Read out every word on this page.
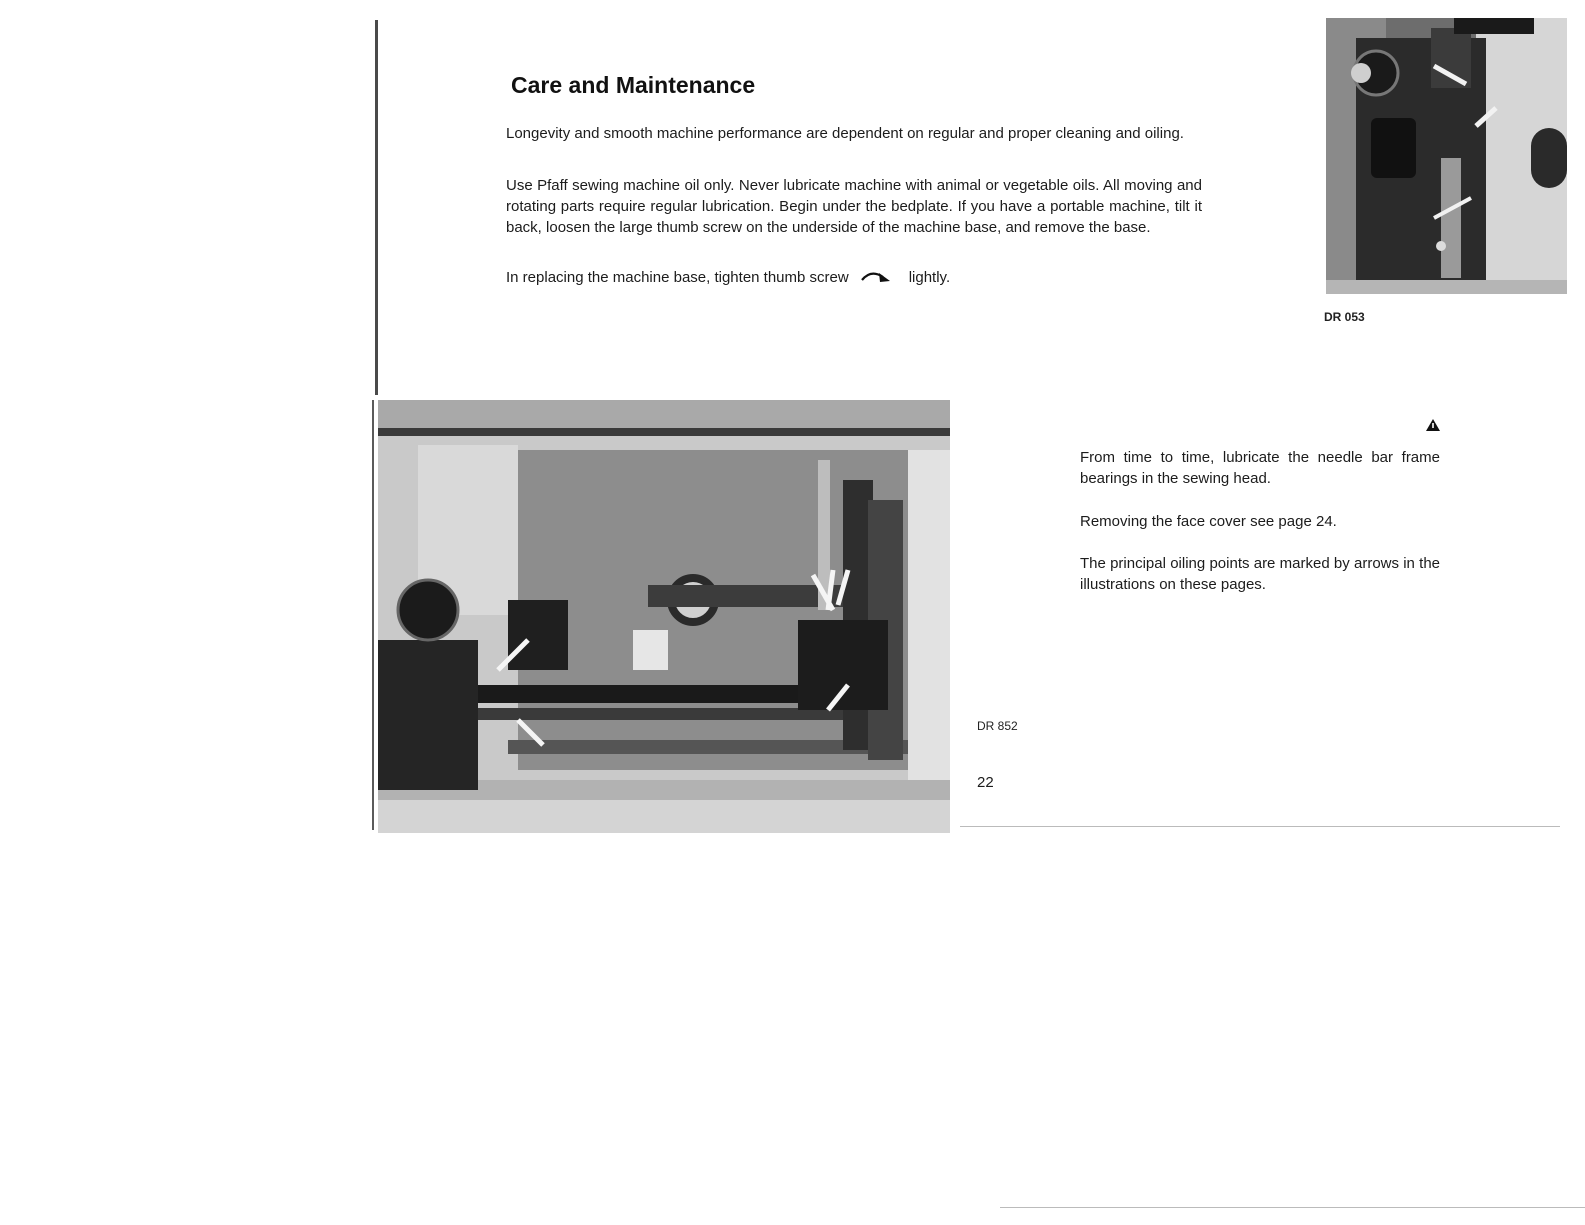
Care and Maintenance

Longevity and smooth machine performance are dependent on regular and proper cleaning and oiling.

Use Pfaff sewing machine oil only. Never lubricate machine with animal or vegetable oils. All moving and rotating parts require regular lubrication. Begin under the bedplate. If you have a portable machine, tilt it back, loosen the large thumb screw on the underside of the machine base, and remove the base.

In replacing the machine base, tighten thumb screw	lightly.

DR 053

From time to time, lubricate the needle bar frame bearings in the sewing head.

Removing the face cover see page 24.

The principal oiling points are marked by arrows in the illustrations on these pages.

DR 852
22
